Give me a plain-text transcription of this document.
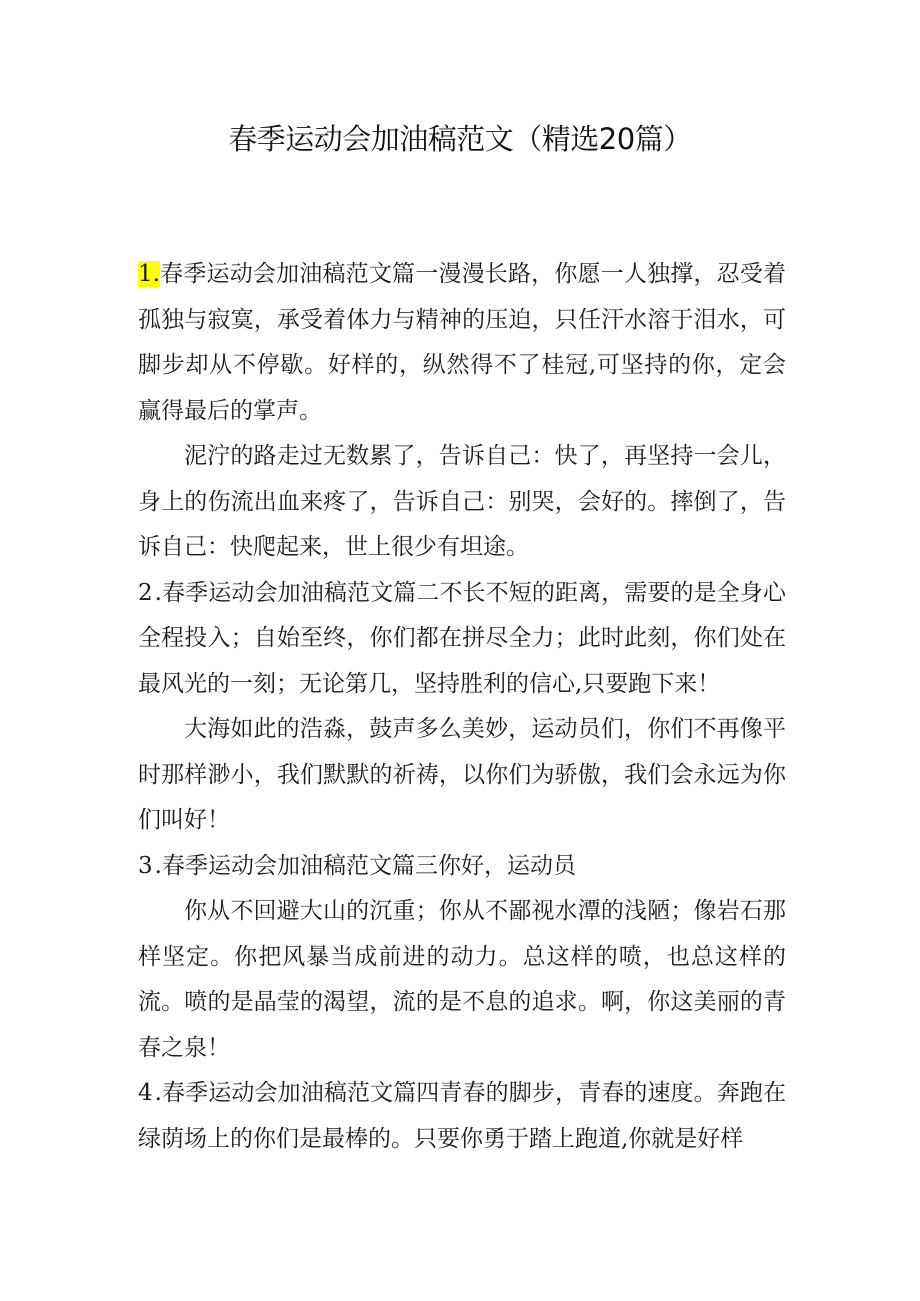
春季运动会加油稿范文（精选20篇）

1.春季运动会加油稿范文篇一漫漫长路，你愿一人独撑，忍受着孤独与寂寞，承受着体力与精神的压迫，只任汗水溶于泪水，可脚步却从不停歇。好样的，纵然得不了桂冠,可坚持的你，定会赢得最后的掌声。

泥泞的路走过无数累了，告诉自己：快了，再坚持一会儿，身上的伤流出血来疼了，告诉自己：别哭，会好的。摔倒了，告诉自己：快爬起来，世上很少有坦途。

2.春季运动会加油稿范文篇二不长不短的距离，需要的是全身心全程投入；自始至终，你们都在拼尽全力；此时此刻，你们处在最风光的一刻；无论第几，坚持胜利的信心,只要跑下来！

大海如此的浩淼，鼓声多么美妙，运动员们，你们不再像平时那样渺小，我们默默的祈祷，以你们为骄傲，我们会永远为你们叫好！

3.春季运动会加油稿范文篇三你好，运动员

你从不回避大山的沉重；你从不鄙视水潭的浅陋；像岩石那样坚定。你把风暴当成前进的动力。总这样的喷，也总这样的流。喷的是晶莹的渴望，流的是不息的追求。啊，你这美丽的青春之泉！

4.春季运动会加油稿范文篇四青春的脚步，青春的速度。奔跑在绿荫场上的你们是最棒的。只要你勇于踏上跑道,你就是好样
